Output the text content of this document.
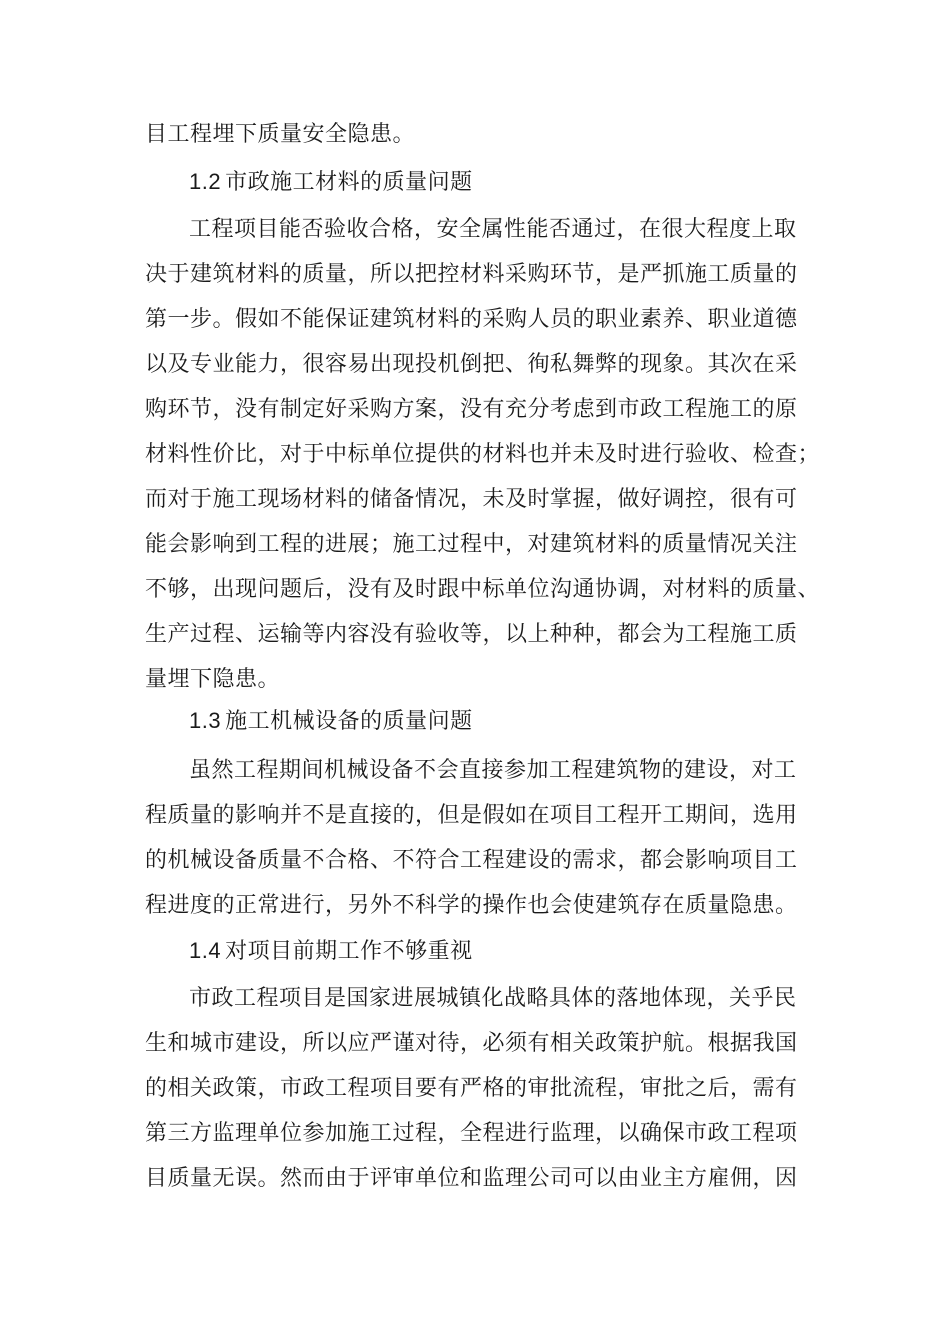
目工程埋下质量安全隐患。
1.2 市政施工材料的质量问题
工程项目能否验收合格，安全属性能否通过，在很大程度上取
决于建筑材料的质量，所以把控材料采购环节，是严抓施工质量的
第一步。假如不能保证建筑材料的采购人员的职业素养、职业道德
以及专业能力，很容易出现投机倒把、徇私舞弊的现象。其次在采
购环节，没有制定好采购方案，没有充分考虑到市政工程施工的原
材料性价比，对于中标单位提供的材料也并未及时进行验收、检查；
而对于施工现场材料的储备情况，未及时掌握，做好调控，很有可
能会影响到工程的进展；施工过程中，对建筑材料的质量情况关注
不够，出现问题后，没有及时跟中标单位沟通协调，对材料的质量、
生产过程、运输等内容没有验收等，以上种种，都会为工程施工质
量埋下隐患。
1.3 施工机械设备的质量问题
虽然工程期间机械设备不会直接参加工程建筑物的建设，对工
程质量的影响并不是直接的，但是假如在项目工程开工期间，选用
的机械设备质量不合格、不符合工程建设的需求，都会影响项目工
程进度的正常进行，另外不科学的操作也会使建筑存在质量隐患。
1.4 对项目前期工作不够重视
市政工程项目是国家进展城镇化战略具体的落地体现，关乎民
生和城市建设，所以应严谨对待，必须有相关政策护航。根据我国
的相关政策，市政工程项目要有严格的审批流程，审批之后，需有
第三方监理单位参加施工过程，全程进行监理，以确保市政工程项
目质量无误。然而由于评审单位和监理公司可以由业主方雇佣，因
